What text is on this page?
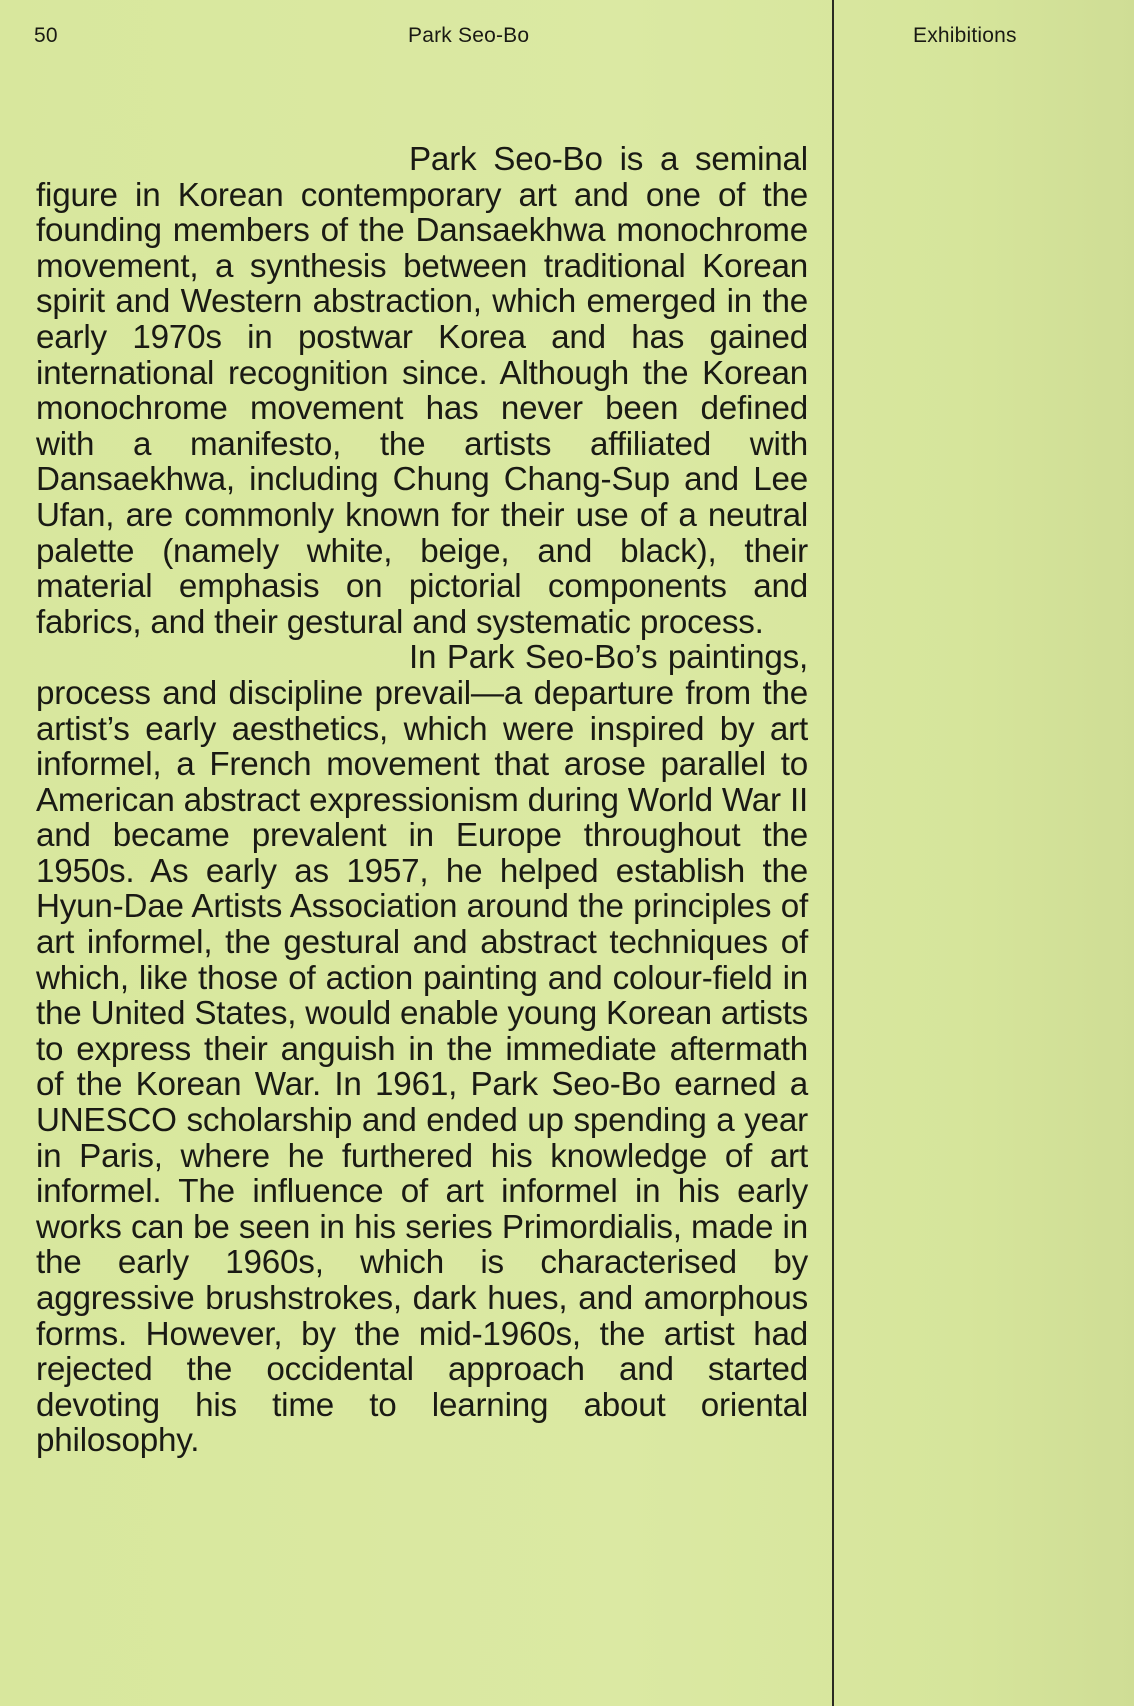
50	Park Seo-Bo	Exhibitions

Park Seo-Bo is a seminal figure in Korean contemporary art and one of the founding members of the Dansaekhwa monochrome movement, a synthesis between traditional Korean spirit and Western abstraction, which emerged in the early 1970s in postwar Korea and has gained international recognition since. Although the Korean monochrome movement has never been defined with a manifesto, the artists affiliated with Dansaekhwa, including Chung Chang-Sup and Lee Ufan, are commonly known for their use of a neutral palette (namely white, beige, and black), their material emphasis on pictorial components and fabrics, and their gestural and systematic process.

In Park Seo-Bo’s paintings, process and discipline prevail—a departure from the artist’s early aesthetics, which were inspired by art informel, a French movement that arose parallel to American abstract expressionism during World War II and became prevalent in Europe throughout the 1950s. As early as 1957, he helped establish the Hyun-Dae Artists Association around the principles of art informel, the gestural and abstract techniques of which, like those of action painting and colour-field in the United States, would enable young Korean artists to express their anguish in the immediate aftermath of the Korean War. In 1961, Park Seo-Bo earned a UNESCO scholarship and ended up spending a year in Paris, where he furthered his knowledge of art informel. The influence of art informel in his early works can be seen in his series Primordialis, made in the early 1960s, which is characterised by aggressive brushstrokes, dark hues, and amorphous forms. However, by the mid-1960s, the artist had rejected the occidental approach and started devoting his time to learning about oriental philosophy.
